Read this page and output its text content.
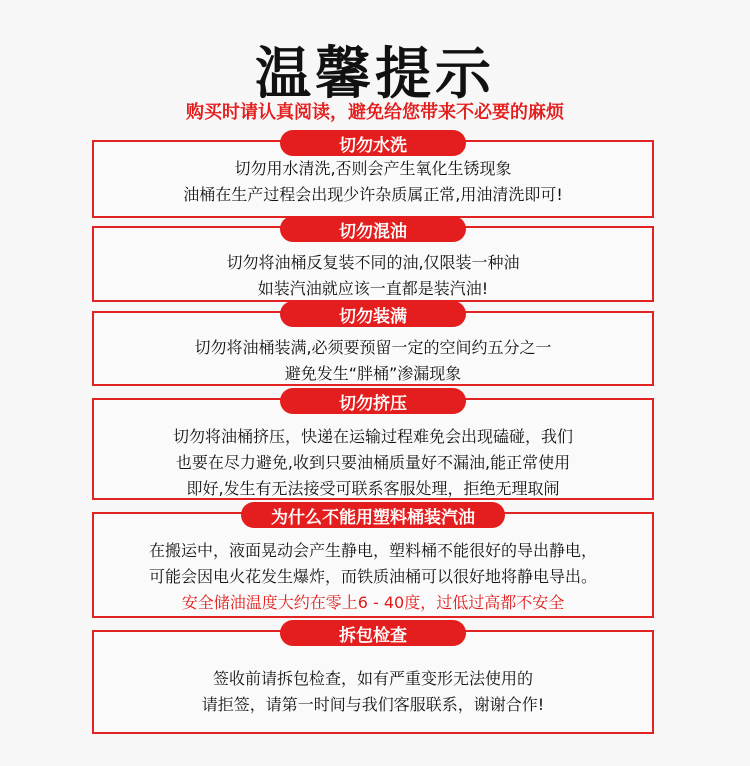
温馨提示
购买时请认真阅读，避免给您带来不必要的麻烦
切勿水洗
切勿用水清洗,否则会产生氧化生锈现象
油桶在生产过程会出现少许杂质属正常,用油清洗即可!
切勿混油
切勿将油桶反复装不同的油,仅限装一种油
如装汽油就应该一直都是装汽油!
切勿装满
切勿将油桶装满,必须要预留一定的空间约五分之一
避免发生“胖桶”渗漏现象
切勿挤压
切勿将油桶挤压，快递在运输过程难免会出现磕碰，我们
也要在尽力避免,收到只要油桶质量好不漏油,能正常使用
即好,发生有无法接受可联系客服处理，拒绝无理取闹
为什么不能用塑料桶装汽油
在搬运中，液面晃动会产生静电，塑料桶不能很好的导出静电，
可能会因电火花发生爆炸，而铁质油桶可以很好地将静电导出。
安全储油温度大约在零上6 - 40度，过低过高都不安全
拆包检查
签收前请拆包检查，如有严重变形无法使用的
请拒签，请第一时间与我们客服联系，谢谢合作!
